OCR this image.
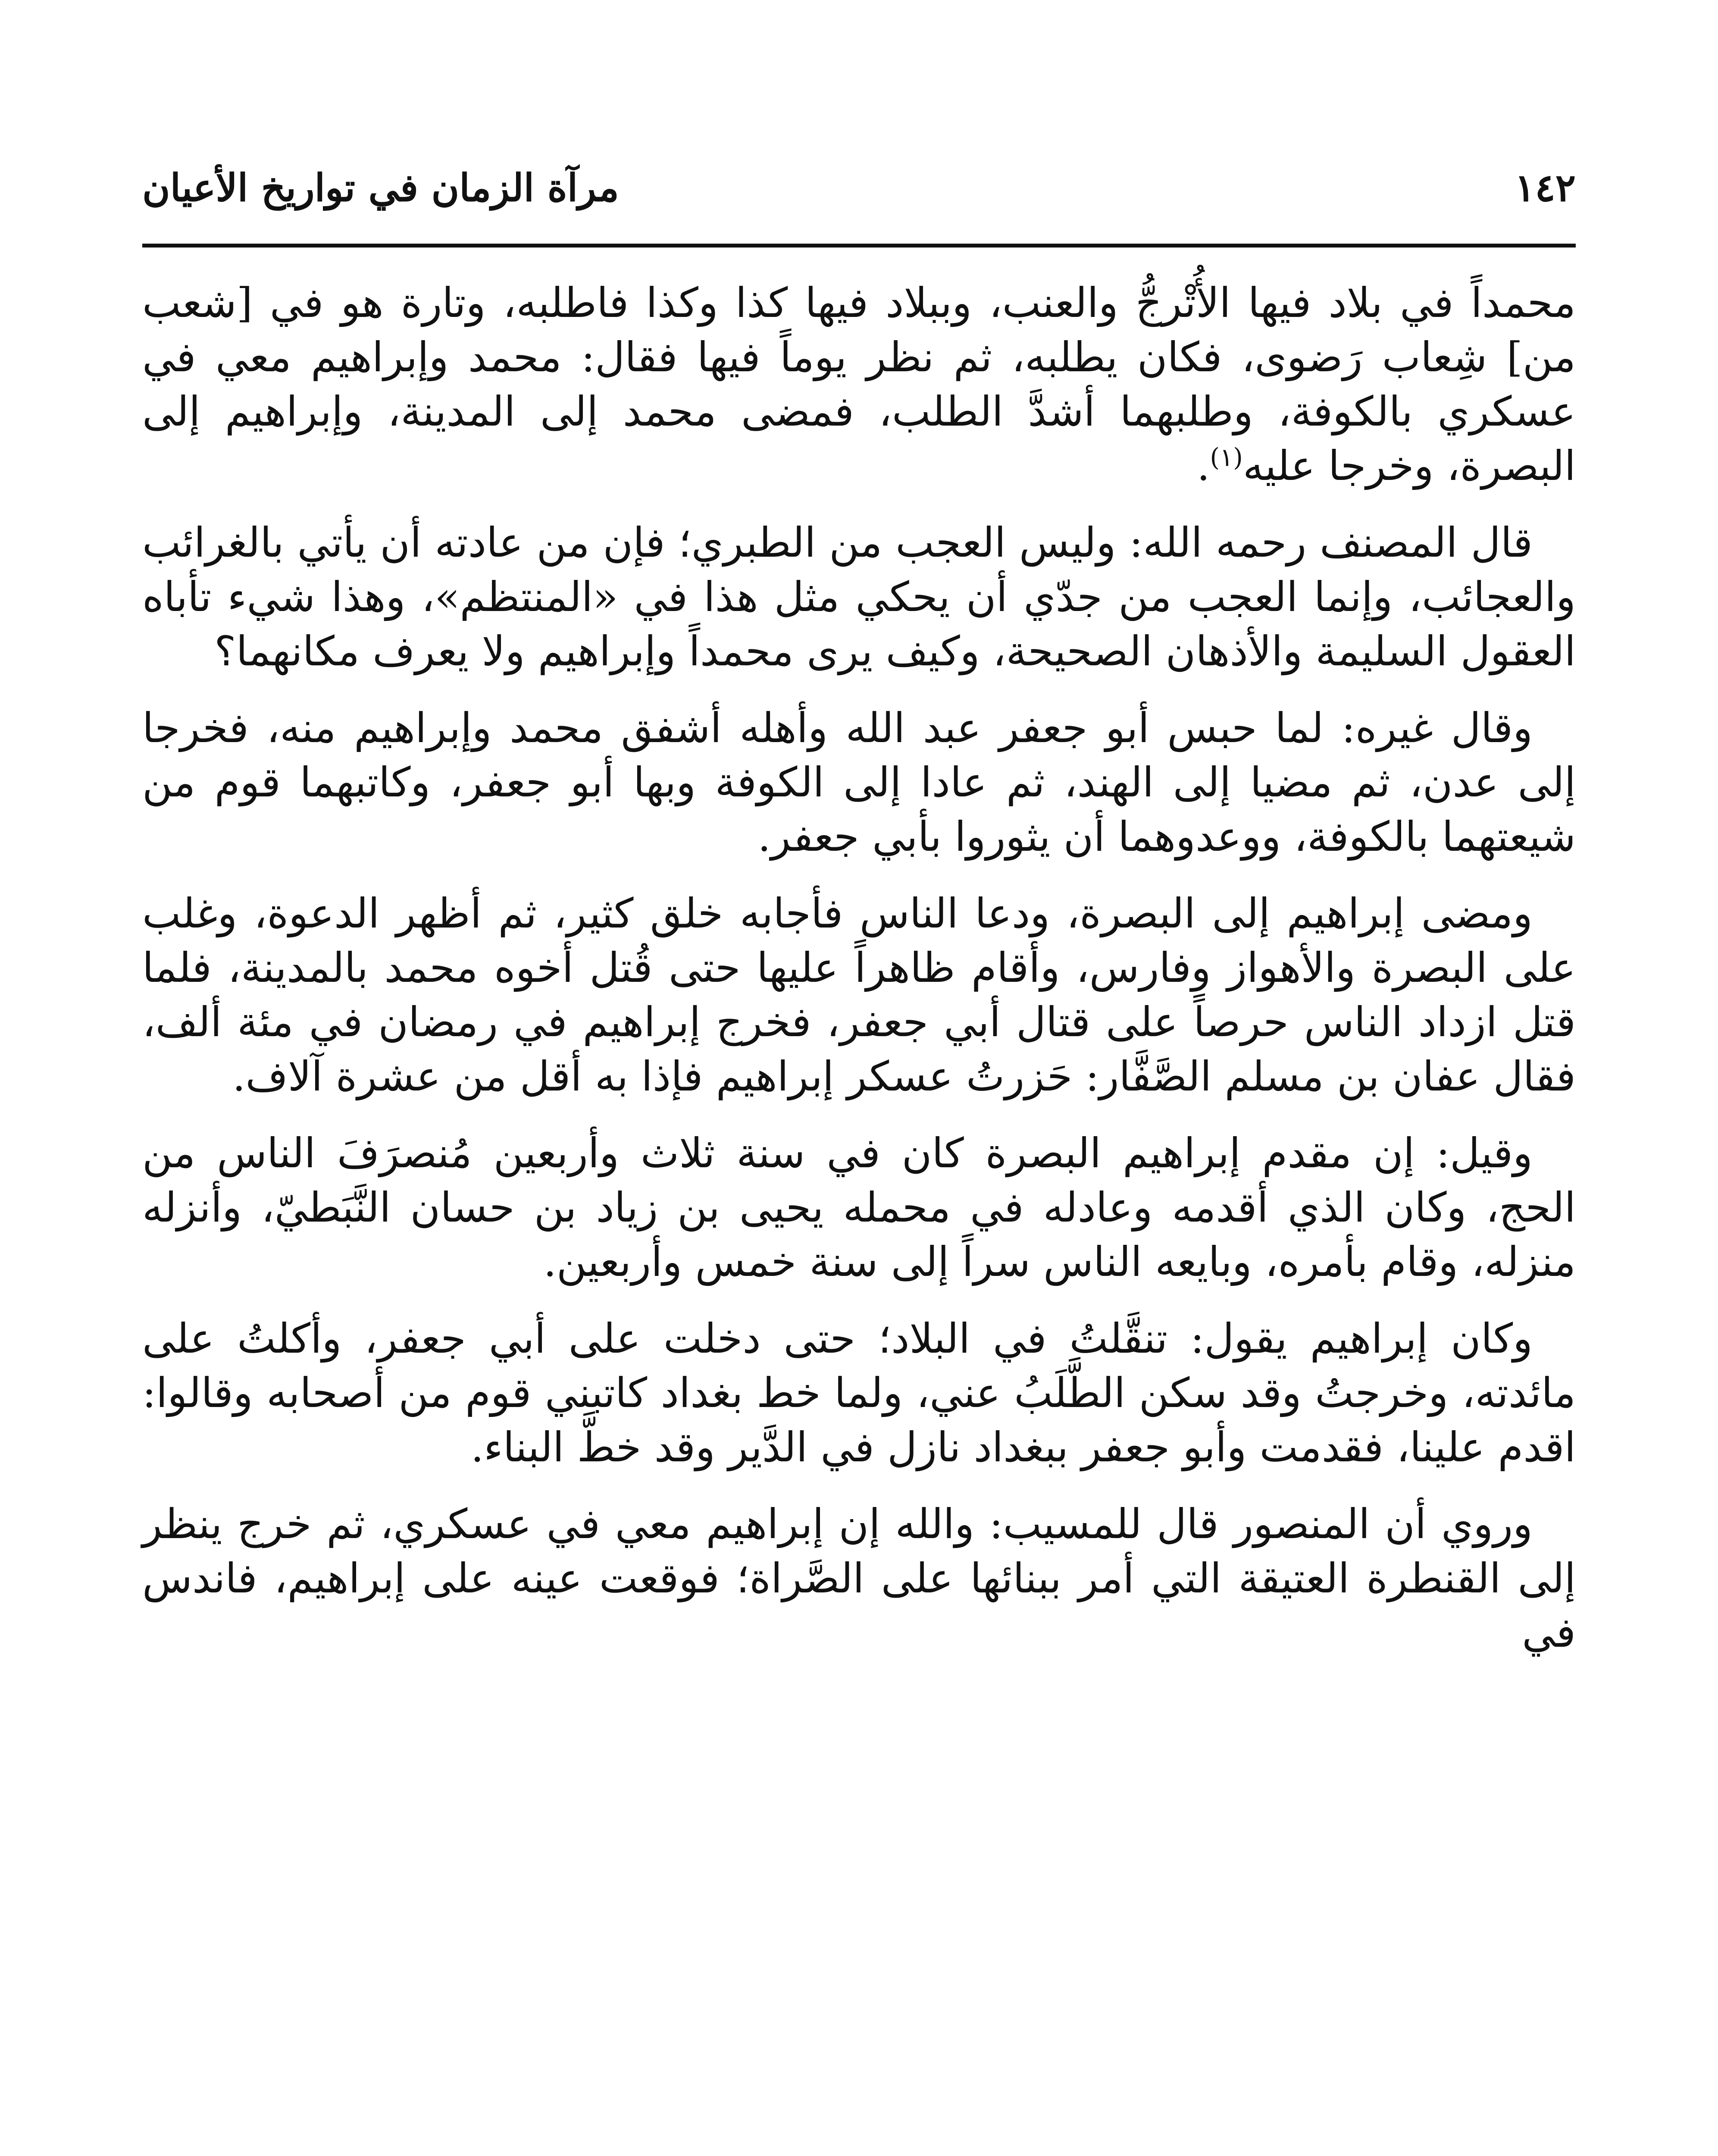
١٤٢
مرآة الزمان في تواريخ الأعيان

محمداً في بلاد فيها الأُتْرجُّ والعنب، وببلاد فيها كذا وكذا فاطلبه، وتارة هو في [شعب من] شِعاب رَضوى، فكان يطلبه، ثم نظر يوماً فيها فقال: محمد وإبراهيم معي في عسكري بالكوفة، وطلبهما أشدَّ الطلب، فمضى محمد إلى المدينة، وإبراهيم إلى البصرة، وخرجا عليه$^{(١)}$.

قال المصنف رحمه الله: وليس العجب من الطبري؛ فإن من عادته أن يأتي بالغرائب والعجائب، وإنما العجب من جدّي أن يحكي مثل هذا في «المنتظم»، وهذا شيء تأباه العقول السليمة والأذهان الصحيحة، وكيف يرى محمداً وإبراهيم ولا يعرف مكانهما؟

وقال غيره: لما حبس أبو جعفر عبد الله وأهله أشفق محمد وإبراهيم منه، فخرجا إلى عدن، ثم مضيا إلى الهند، ثم عادا إلى الكوفة وبها أبو جعفر، وكاتبهما قوم من شيعتهما بالكوفة، ووعدوهما أن يثوروا بأبي جعفر.

ومضى إبراهيم إلى البصرة، ودعا الناس فأجابه خلق كثير، ثم أظهر الدعوة، وغلب على البصرة والأهواز وفارس، وأقام ظاهراً عليها حتى قُتل أخوه محمد بالمدينة، فلما قتل ازداد الناس حرصاً على قتال أبي جعفر، فخرج إبراهيم في رمضان في مئة ألف، فقال عفان بن مسلم الصَّفَّار: حَزرتُ عسكر إبراهيم فإذا به أقل من عشرة آلاف.

وقيل: إن مقدم إبراهيم البصرة كان في سنة ثلاث وأربعين مُنصرَفَ الناس من الحج، وكان الذي أقدمه وعادله في محمله يحيى بن زياد بن حسان النَّبَطيّ، وأنزله منزله، وقام بأمره، وبايعه الناس سراً إلى سنة خمس وأربعين.

وكان إبراهيم يقول: تنقَّلتُ في البلاد؛ حتى دخلت على أبي جعفر، وأكلتُ على مائدته، وخرجتُ وقد سكن الطَّلَبُ عني، ولما خط بغداد كاتبني قوم من أصحابه وقالوا: اقدم علينا، فقدمت وأبو جعفر ببغداد نازل في الدَّير وقد خطَّ البناء.

وروي أن المنصور قال للمسيب: والله إن إبراهيم معي في عسكري، ثم خرج ينظر إلى القنطرة العتيقة التي أمر ببنائها على الصَّراة؛ فوقعت عينه على إبراهيم، فاندس في
